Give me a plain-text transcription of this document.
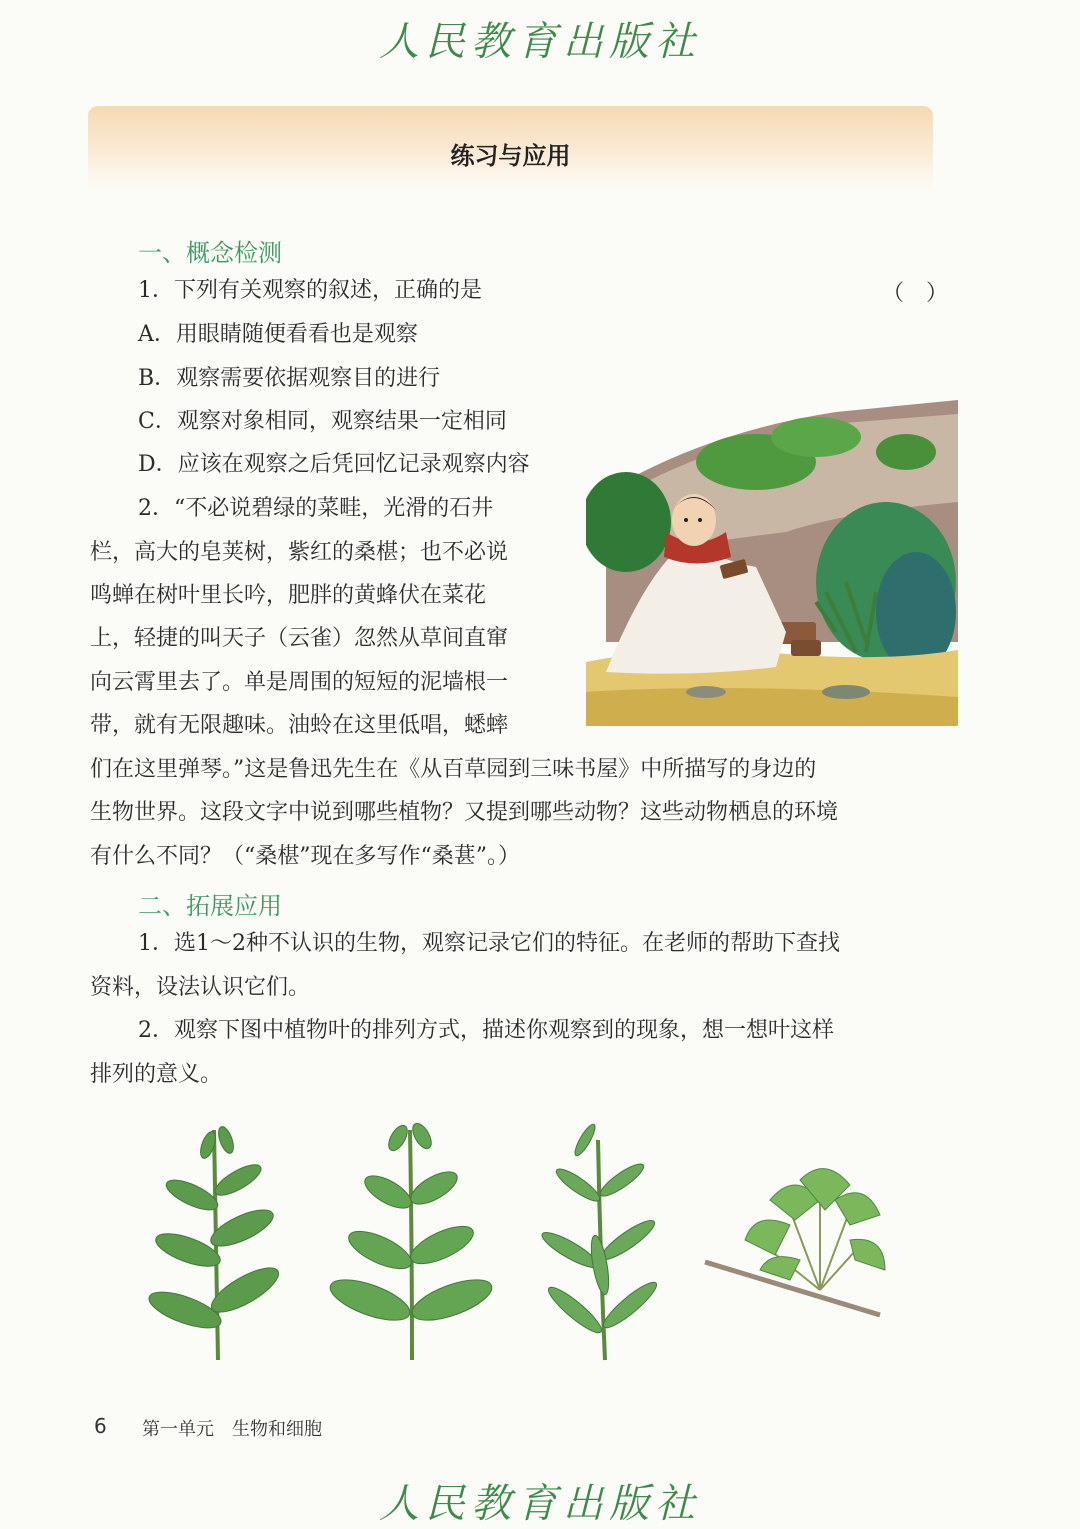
人民教育出版社
练习与应用
一、概念检测
1．下列有关观察的叙述，正确的是	（　）
A．用眼睛随便看看也是观察
B．观察需要依据观察目的进行
C．观察对象相同，观察结果一定相同
D．应该在观察之后凭回忆记录观察内容
2．“不必说碧绿的菜畦，光滑的石井
栏，高大的皂荚树，紫红的桑椹；也不必说
鸣蝉在树叶里长吟，肥胖的黄蜂伏在菜花
上，轻捷的叫天子（云雀）忽然从草间直窜
向云霄里去了。单是周围的短短的泥墙根一
带，就有无限趣味。油蛉在这里低唱，蟋蟀
们在这里弹琴。”这是鲁迅先生在《从百草园到三味书屋》中所描写的身边的
生物世界。这段文字中说到哪些植物？又提到哪些动物？这些动物栖息的环境
有什么不同？（“桑椹”现在多写作“桑葚”。）
二、拓展应用
1．选1～2种不认识的生物，观察记录它们的特征。在老师的帮助下查找
资料，设法认识它们。
2．观察下图中植物叶的排列方式，描述你观察到的现象，想一想叶这样
排列的意义。
6 第一单元 生物和细胞
人民教育出版社
